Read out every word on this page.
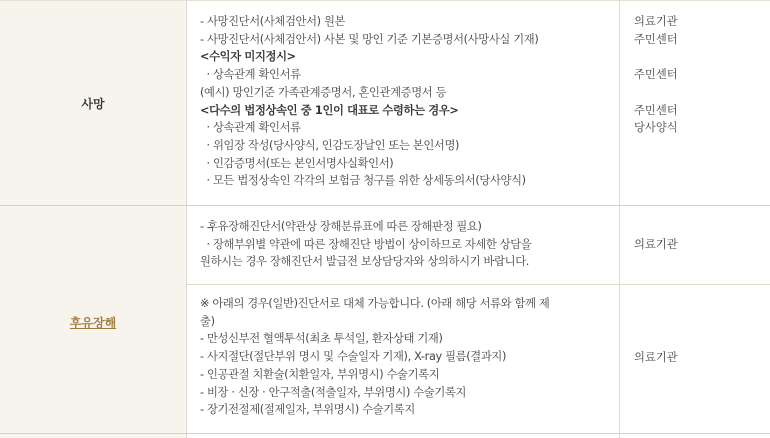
사망
- 사망진단서(사체검안서) 원본
- 사망진단서(사체검안서) 사본 및 망인 기준 기본증명서(사망사실 기재)
<수익자 미지정시>
· 상속관계 확인서류
(예시) 망인기준 가족관계증명서, 혼인관계증명서 등
<다수의 법정상속인 중 1인이 대표로 수령하는 경우>
· 상속관계 확인서류
· 위임장 작성(당사양식, 인감도장날인 또는 본인서명)
· 인감증명서(또는 본인서명사실확인서)
· 모든 법정상속인 각각의 보험금 청구를 위한 상세동의서(당사양식)
의료기관
주민센터

주민센터

주민센터
당사양식
후유장해
- 후유장해진단서(약관상 장해분류표에 따른 장해판정 필요)
· 장해부위별 약관에 따른 장해진단 방법이 상이하므로 자세한 상담을
원하시는 경우 장해진단서 발급전 보상담당자와 상의하시기 바랍니다.
의료기관
※ 아래의 경우(일반)진단서로 대체 가능합니다. (아래 해당 서류와 함께 제
출)
- 만성신부전 혈액투석(최초 투석일, 환자상태 기재)
- 사지절단(절단부위 명시 및 수술일자 기재), X-ray 필름(결과지)
- 인공관절 치환술(치환일자, 부위명시) 수술기록지
- 비장 · 신장 · 안구적출(적출일자, 부위명시) 수술기록지
- 장기전절제(절제일자, 부위명시) 수술기록지
의료기관
